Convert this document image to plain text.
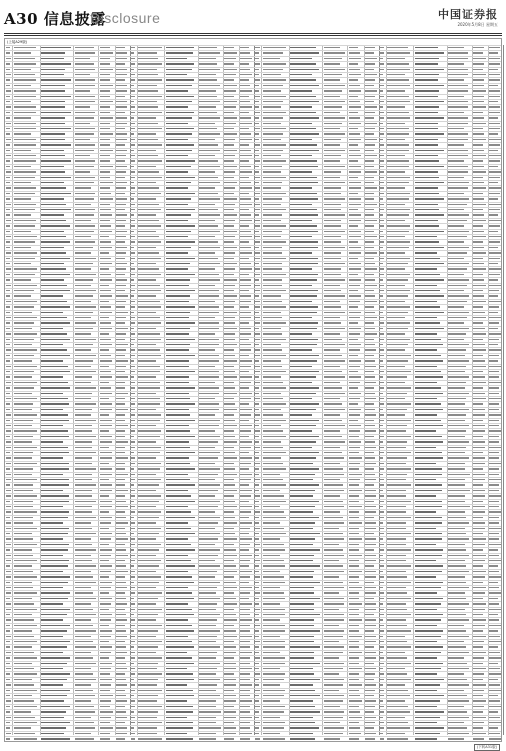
A30 信息披露
Disclosure	中国证券报
2020年5月8日 星期五
(上接A29版)
(下转A31版)
